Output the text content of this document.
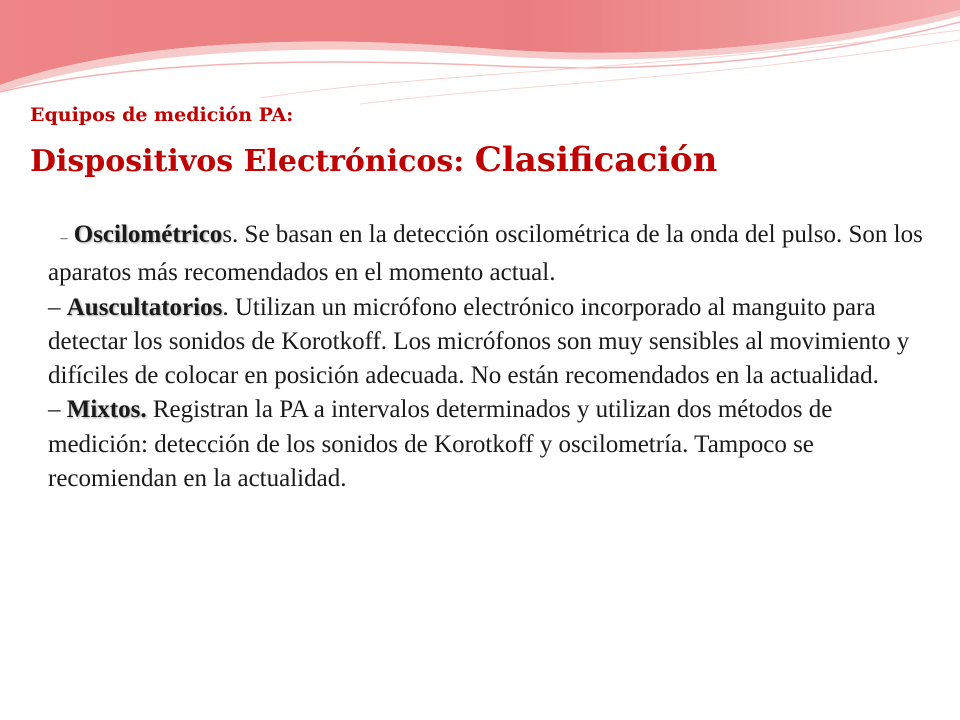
Equipos de medición PA:
Dispositivos Electrónicos: Clasificación

– Oscilométricos. Se basan en la detección oscilométrica de la onda del pulso. Son los aparatos más recomendados en el momento actual.

– Auscultatorios. Utilizan un micrófono electrónico incorporado al manguito para detectar los sonidos de Korotkoff. Los micrófonos son muy sensibles al movimiento y difíciles de colocar en posición adecuada. No están recomendados en la actualidad.

– Mixtos. Registran la PA a intervalos determinados y utilizan dos métodos de medición: detección de los sonidos de Korotkoff y oscilometría. Tampoco se recomiendan en la actualidad.
